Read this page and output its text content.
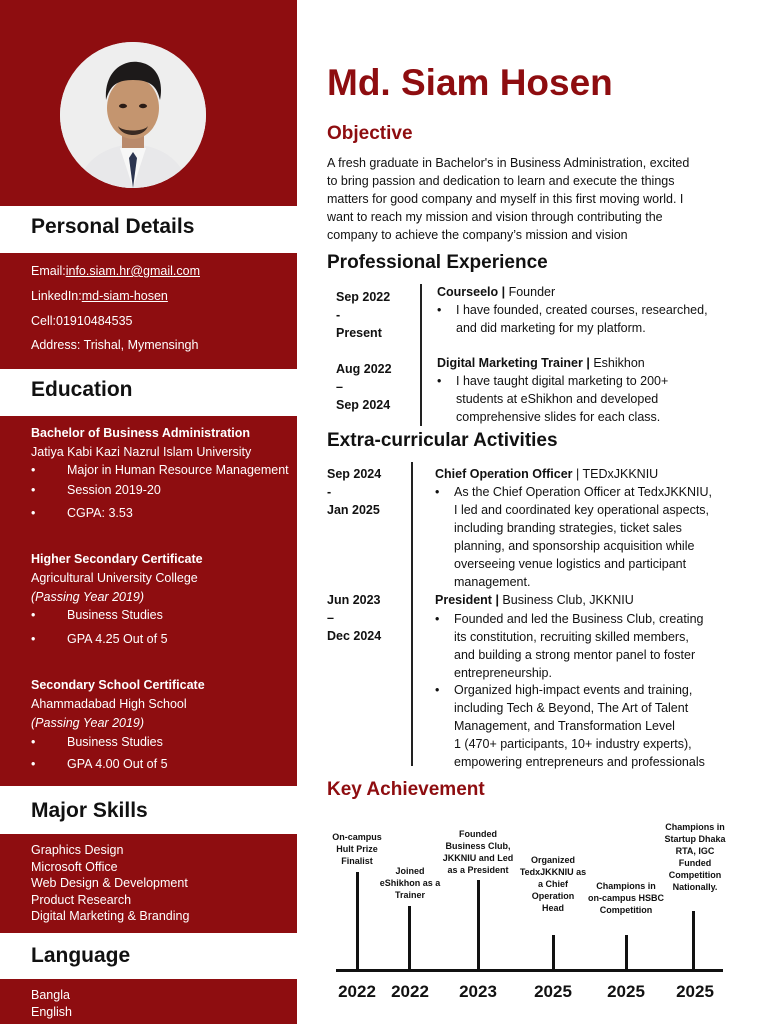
Personal Details
Email:info.siam.hr@gmail.com
LinkedIn:md-siam-hosen
Cell:01910484535
Address: Trishal, Mymensingh
Education
Bachelor of Business Administration
Jatiya Kabi Kazi Nazrul Islam University
•	Major in Human Resource Management
•	Session 2019-20
•	CGPA: 3.53
Higher Secondary Certificate
Agricultural University College
(Passing Year 2019)
•	Business Studies
•	GPA 4.25 Out of 5
Secondary School Certificate
Ahammadabad High School
(Passing Year 2019)
•	Business Studies
•	GPA 4.00 Out of 5
Major Skills
Graphics Design
Microsoft Office
Web Design & Development
Product Research
Digital Marketing & Branding
Language
Bangla
English
Md. Siam Hosen
Objective
A fresh graduate in Bachelor's in Business Administration, excited
to bring passion and dedication to learn and execute the things
matters for good company and myself in this first moving world. I
want to reach my mission and vision through contributing the
company to achieve the company’s mission and vision
Professional Experience
Sep 2022
-
Present
Courseelo | Founder
• I have founded, created courses, researched,
and did marketing for my platform.
Aug 2022
–
Sep 2024
Digital Marketing Trainer | Eshikhon
• I have taught digital marketing to 200+
students at eShikhon and developed
comprehensive slides for each class.
Extra-curricular Activities
Sep 2024
-
Jan 2025
Chief Operation Officer | TEDxJKKNIU
• As the Chief Operation Officer at TedxJKKNIU,
I led and coordinated key operational aspects,
including branding strategies, ticket sales
planning, and sponsorship acquisition while
overseeing venue logistics and participant
management.
Jun 2023
–
Dec 2024
President | Business Club, JKKNIU
• Founded and led the Business Club, creating
its constitution, recruiting skilled members,
and building a strong mentor panel to foster
entrepreneurship.
• Organized high-impact events and training,
including Tech & Beyond, The Art of Talent
Management, and Transformation Level
1 (470+ participants, 10+ industry experts),
empowering entrepreneurs and professionals
Key Achievement
On-campus
Hult Prize
Finalist
Joined
eShikhon as a
Trainer
Founded
Business Club,
JKKNIU and Led
as a President
Organized
TedxJKKNIU as
a Chief
Operation
Head
Champions in
on-campus HSBC
Competition
Champions in
Startup Dhaka
RTA, IGC
Funded
Competition
Nationally.
2022 2022	2023	2025	2025	2025
